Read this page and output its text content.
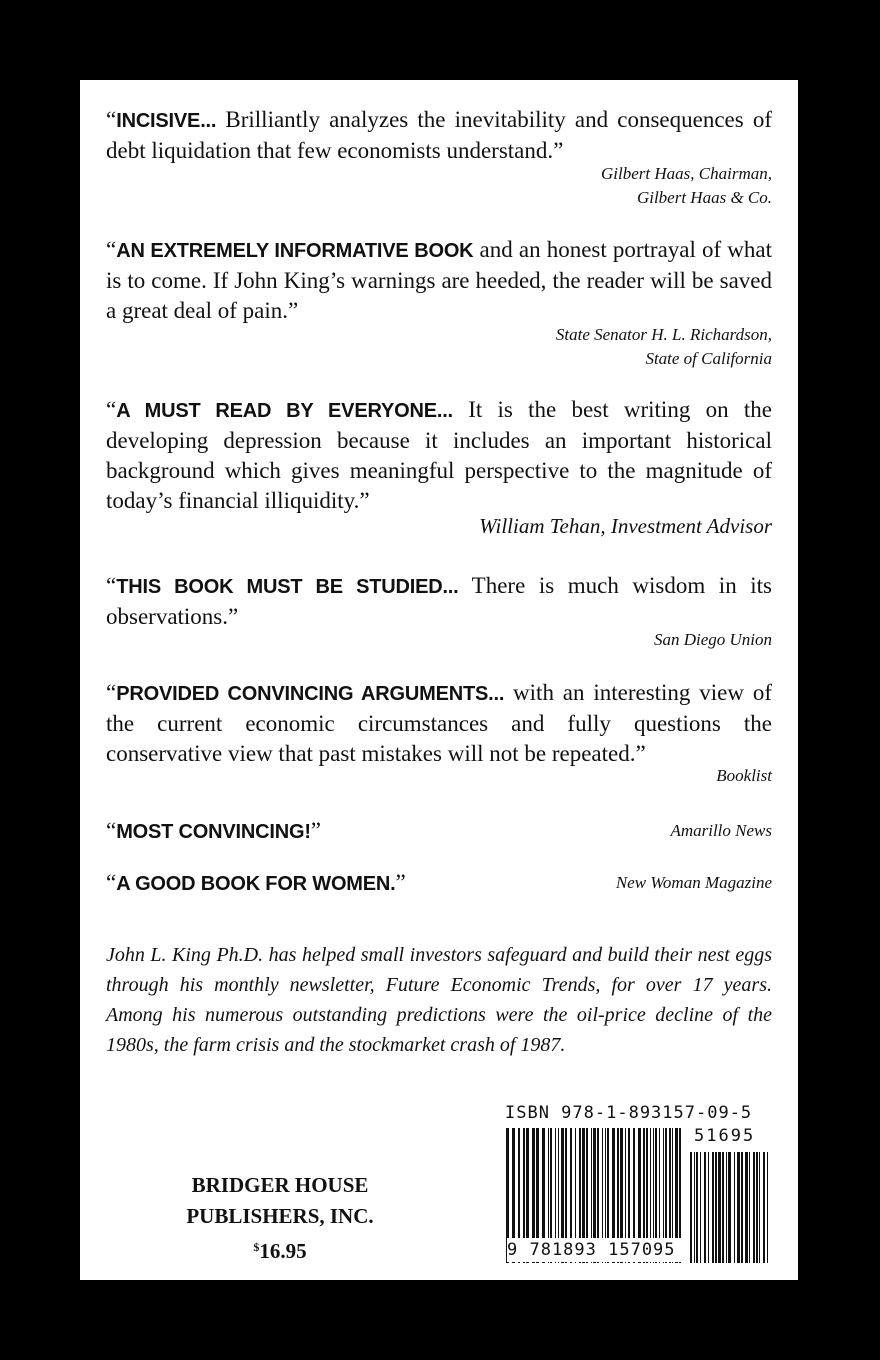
“INCISIVE... Brilliantly analyzes the inevitability and consequences of debt liquidation that few economists understand.”

Gilbert Haas, Chairman,
Gilbert Haas & Co.

“AN EXTREMELY INFORMATIVE BOOK and an honest portrayal of what is to come. If John King’s warnings are heeded, the reader will be saved a great deal of pain.”

State Senator H. L. Richardson,
State of California

“A MUST READ BY EVERYONE... It is the best writing on the developing depression because it includes an important historical background which gives meaningful perspective to the magnitude of today’s financial illiquidity.”

William Tehan, Investment Advisor

“THIS BOOK MUST BE STUDIED... There is much wisdom in its observations.”

San Diego Union

“PROVIDED CONVINCING ARGUMENTS... with an interesting view of the current economic circumstances and fully questions the conservative view that past mistakes will not be repeated.”

Booklist

“MOST CONVINCING!”	Amarillo News

“A GOOD BOOK FOR WOMEN.”	New Woman Magazine

John L. King Ph.D. has helped small investors safeguard and build their nest eggs through his monthly newsletter, Future Economic Trends, for over 17 years. Among his numerous outstanding predictions were the oil-price decline of the 1980s, the farm crisis and the stockmarket crash of 1987.

BRIDGER HOUSE
PUBLISHERS, INC.
$16.95
ISBN 978-1-893157-09-5
51695
9 781893 157095
